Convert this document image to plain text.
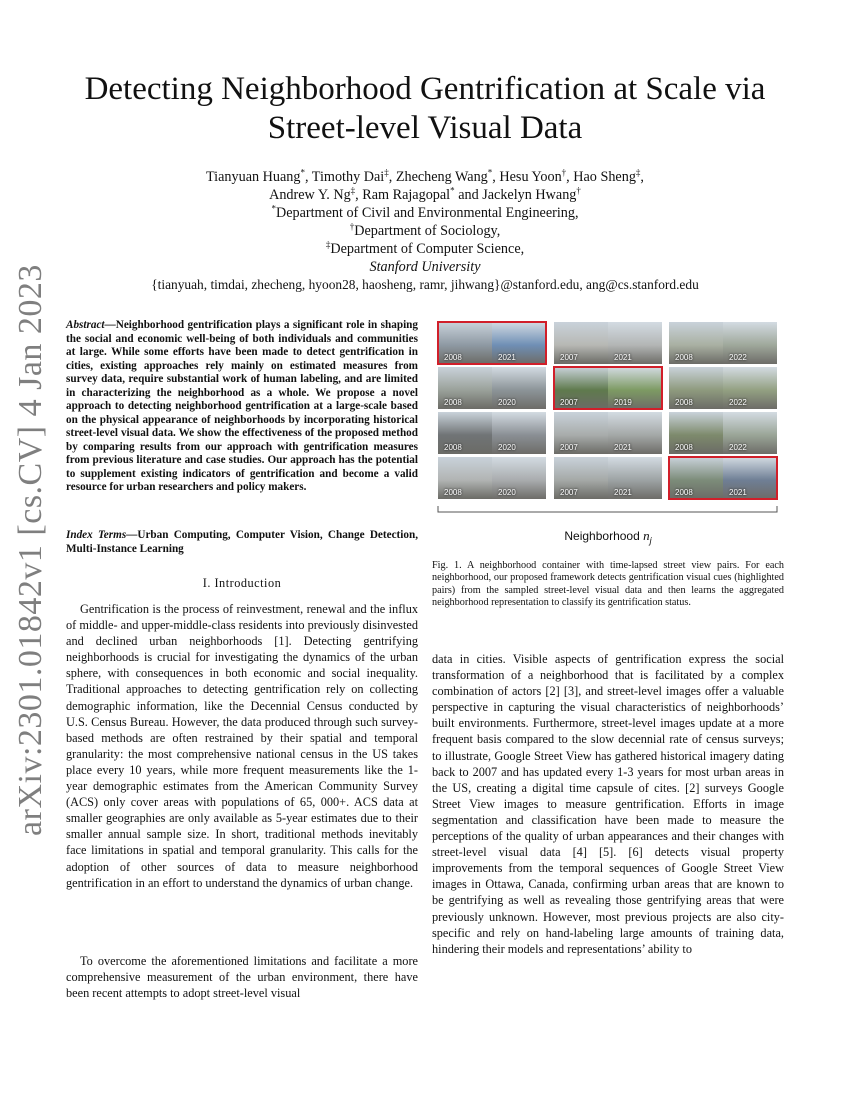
arXiv:2301.01842v1 [cs.CV] 4 Jan 2023
Detecting Neighborhood Gentrification at Scale via
Street-level Visual Data
Tianyuan Huang*, Timothy Dai‡, Zhecheng Wang*, Hesu Yoon†, Hao Sheng‡,
Andrew Y. Ng‡, Ram Rajagopal* and Jackelyn Hwang†
*Department of Civil and Environmental Engineering,
†Department of Sociology,
‡Department of Computer Science,
Stanford University
{tianyuah, timdai, zhecheng, hyoon28, haosheng, ramr, jihwang}@stanford.edu, ang@cs.stanford.edu
Abstract—Neighborhood gentrification plays a significant role in shaping the social and economic well-being of both individuals and communities at large. While some efforts have been made to detect gentrification in cities, existing approaches rely mainly on estimated measures from survey data, require substantial work of human labeling, and are limited in characterizing the neighborhood as a whole. We propose a novel approach to detecting neighborhood gentrification at a large-scale based on the physical appearance of neighborhoods by incorporating historical street-level visual data. We show the effectiveness of the proposed method by comparing results from our approach with gentrification measures from previous literature and case studies. Our approach has the potential to supplement existing indicators of gentrification and become a valid resource for urban researchers and policy makers.
Index Terms—Urban Computing, Computer Vision, Change Detection, Multi-Instance Learning
I. Introduction
Gentrification is the process of reinvestment, renewal and the influx of middle- and upper-middle-class residents into previously disinvested and declined urban neighborhoods [1]. Detecting gentrifying neighborhoods is crucial for investigating the dynamics of the urban sphere, with consequences in both economic and social inequality. Traditional approaches to detecting gentrification rely on collecting demographic information, like the Decennial Census conducted by U.S. Census Bureau. However, the data produced through such survey-based methods are often restrained by their spatial and temporal granularity: the most comprehensive national census in the US takes place every 10 years, while more frequent measurements like the 1-year demographic estimates from the American Community Survey (ACS) only cover areas with populations of 65, 000+. ACS data at smaller geographies are only available as 5-year estimates due to their smaller annual sample size. In short, traditional methods inevitably face limitations in spatial and temporal granularity. This calls for the adoption of other sources of data to measure neighborhood gentrification in an effort to understand the dynamics of urban change.
To overcome the aforementioned limitations and facilitate a more comprehensive measurement of the urban environment, there have been recent attempts to adopt street-level visual
2008	2021
2008	2020
2008	2020
2008	2020
2007	2021
2007	2019
2007	2021
2007	2021
2008	2022
2008	2022
2008	2022
2008	2021
Neighborhood $n_j$
Fig. 1. A neighborhood container with time-lapsed street view pairs. For each neighborhood, our proposed framework detects gentrification visual cues (highlighted pairs) from the sampled street-level visual data and then learns the aggregated neighborhood representation to classify its gentrification status.
data in cities. Visible aspects of gentrification express the social transformation of a neighborhood that is facilitated by a complex combination of actors [2] [3], and street-level images offer a valuable perspective in capturing the visual characteristics of neighborhoods’ built environments. Furthermore, street-level images update at a more frequent basis compared to the slow decennial rate of census surveys; to illustrate, Google Street View has gathered historical imagery dating back to 2007 and has updated every 1-3 years for most urban areas in the US, creating a digital time capsule of cites. [2] surveys Google Street View images to measure gentrification. Efforts in image segmentation and classification have been made to measure the perceptions of the quality of urban appearances and their changes with street-level visual data [4] [5]. [6] detects visual property improvements from the temporal sequences of Google Street View images in Ottawa, Canada, confirming urban areas that are known to be gentrifying as well as revealing those gentrifying areas that were previously unknown. However, most previous projects are also city-specific and rely on hand-labeling large amounts of training data, hindering their models and representations’ ability to
